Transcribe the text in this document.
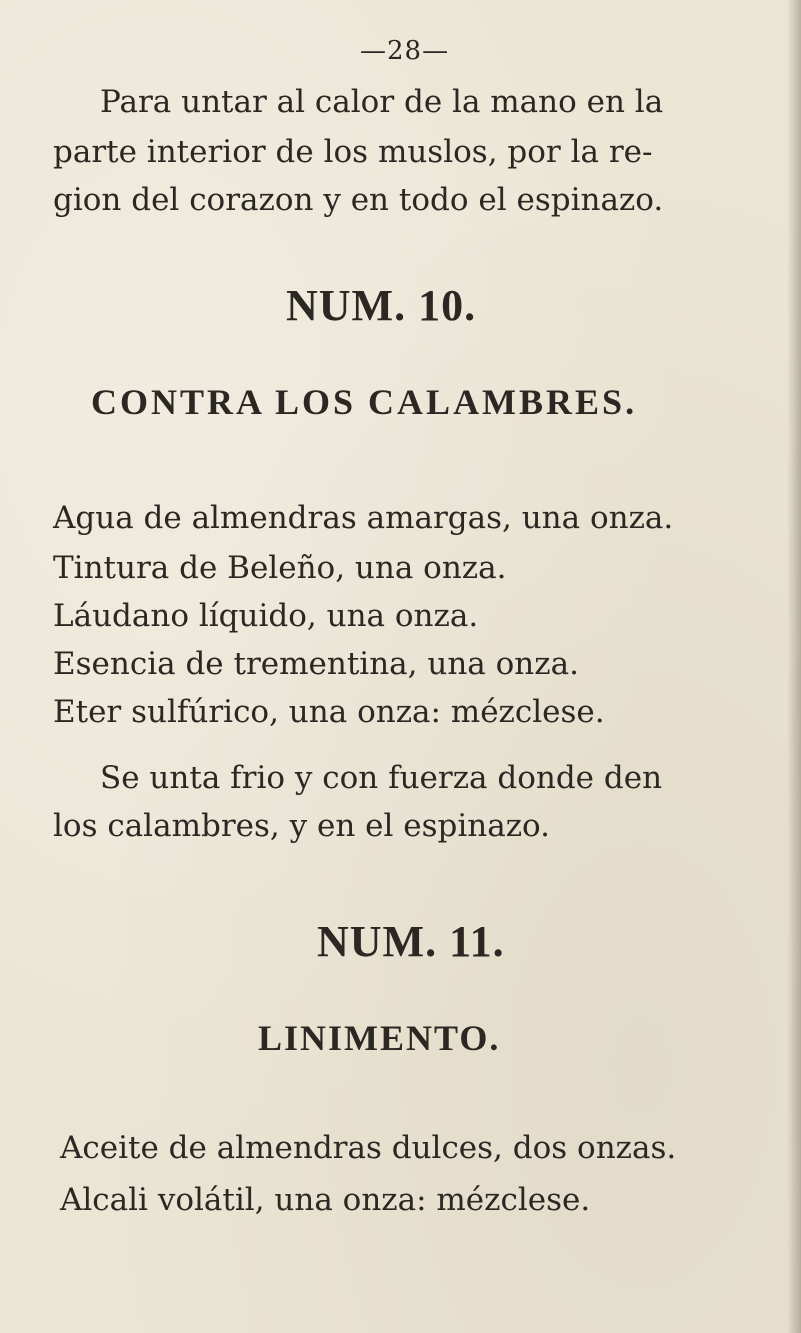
—28—
Para untar al calor de la mano en la
parte interior de los muslos, por la re-
gion del corazon y en todo el espinazo.
NUM. 10.
CONTRA LOS CALAMBRES.
Agua de almendras amargas, una onza.
Tintura de Beleño, una onza.
Láudano líquido, una onza.
Esencia de trementina, una onza.
Eter sulfúrico, una onza: mézclese.
Se unta frio y con fuerza donde den
los calambres, y en el espinazo.
NUM. 11.
LINIMENTO.
Aceite de almendras dulces, dos onzas.
Alcali volátil, una onza: mézclese.
